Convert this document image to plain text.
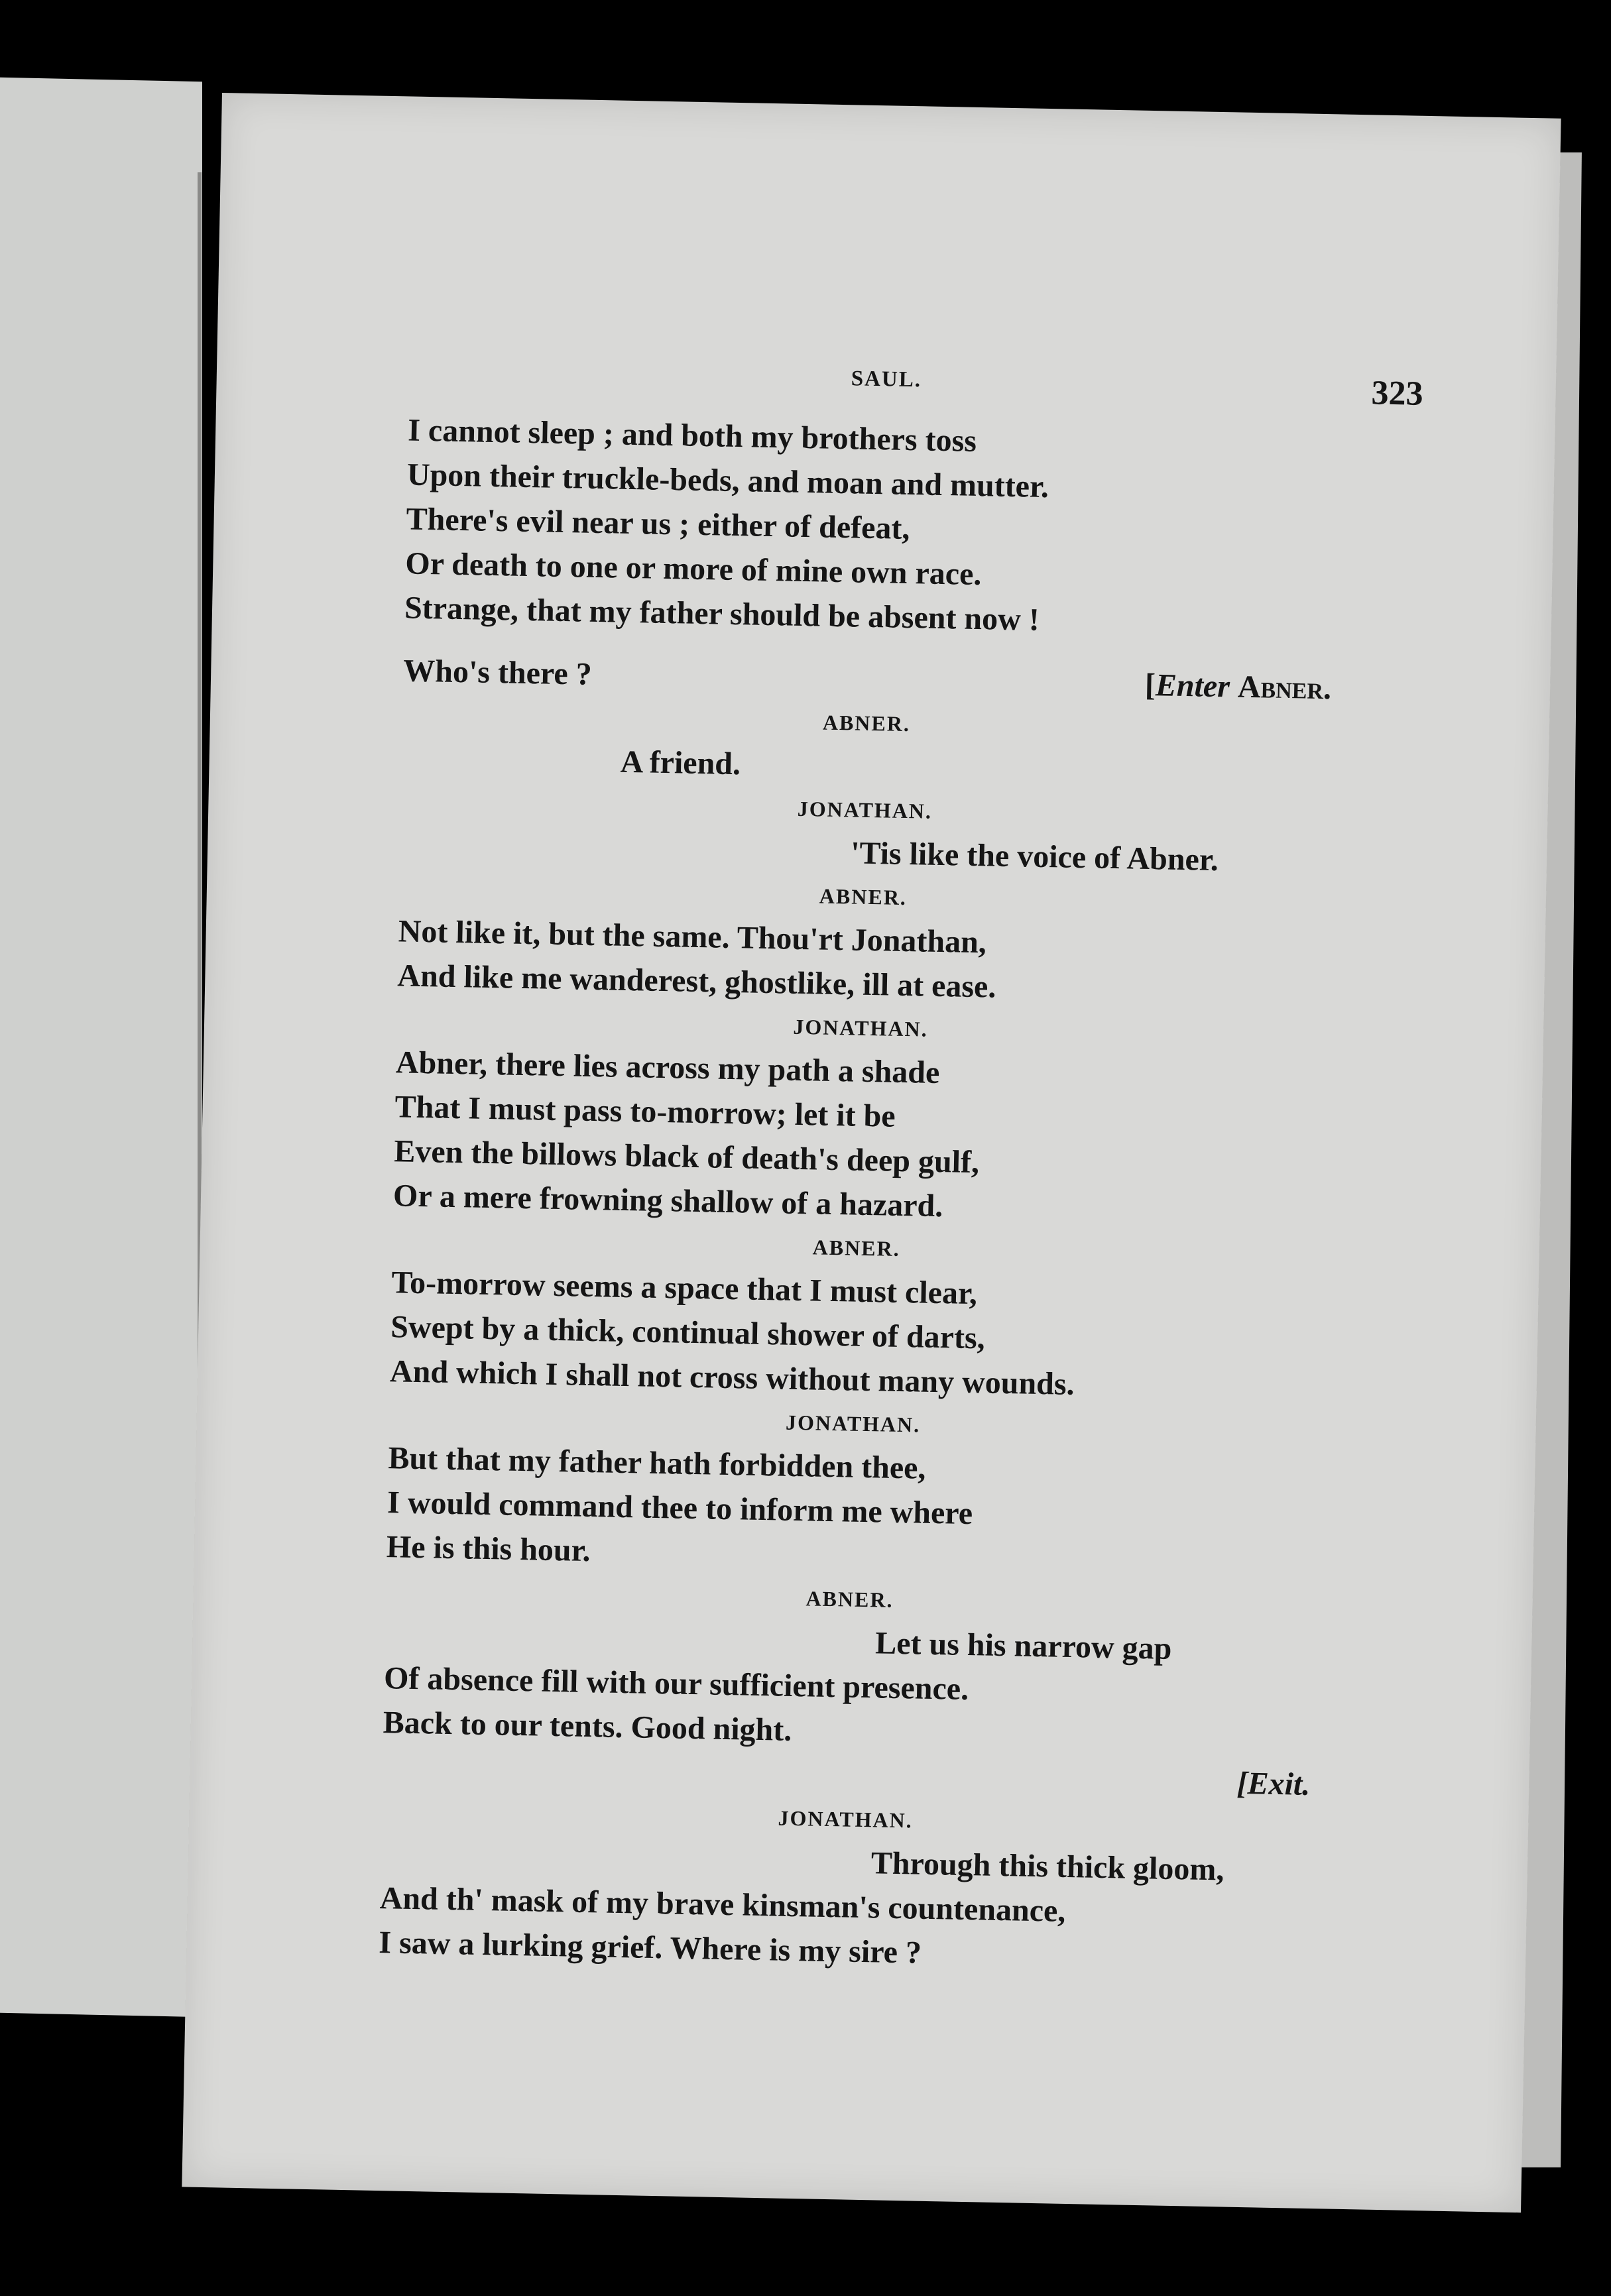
SAUL.	323
I cannot sleep ; and both my brothers toss
Upon their truckle-beds, and moan and mutter.
There's evil near us ; either of defeat,
Or death to one or more of mine own race.
Strange, that my father should be absent now !
Who's there ?	[Enter Abner.
ABNER.
A friend.
JONATHAN.
'Tis like the voice of Abner.
ABNER.
Not like it, but the same. Thou'rt Jonathan,
And like me wanderest, ghostlike, ill at ease.
JONATHAN.
Abner, there lies across my path a shade
That I must pass to-morrow; let it be
Even the billows black of death's deep gulf,
Or a mere frowning shallow of a hazard.
ABNER.
To-morrow seems a space that I must clear,
Swept by a thick, continual shower of darts,
And which I shall not cross without many wounds.
JONATHAN.
But that my father hath forbidden thee,
I would command thee to inform me where
He is this hour.
ABNER.
Let us his narrow gap
Of absence fill with our sufficient presence.
Back to our tents. Good night.
[Exit.
JONATHAN.
Through this thick gloom,
And th' mask of my brave kinsman's countenance,
I saw a lurking grief. Where is my sire ?
